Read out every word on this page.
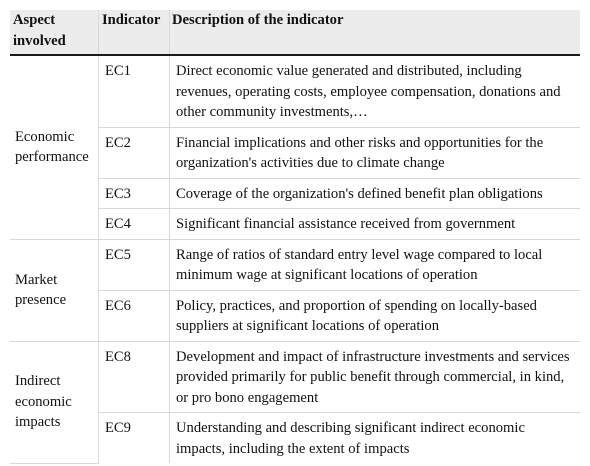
Aspect involved	Indicator	Description of the indicator
Economic performance	EC1	Direct economic value generated and distributed, including revenues, operating costs, employee compensation, donations and other community investments,…
	EC2	Financial implications and other risks and opportunities for the organization's activities due to climate change
	EC3	Coverage of the organization's defined benefit plan obligations
	EC4	Significant financial assistance received from government
Market presence	EC5	Range of ratios of standard entry level wage compared to local minimum wage at significant locations of operation
	EC6	Policy, practices, and proportion of spending on locally-based suppliers at significant locations of operation
Indirect economic impacts	EC8	Development and impact of infrastructure investments and services provided primarily for public benefit through commercial, in kind, or pro bono engagement
	EC9	Understanding and describing significant indirect economic impacts, including the extent of impacts
